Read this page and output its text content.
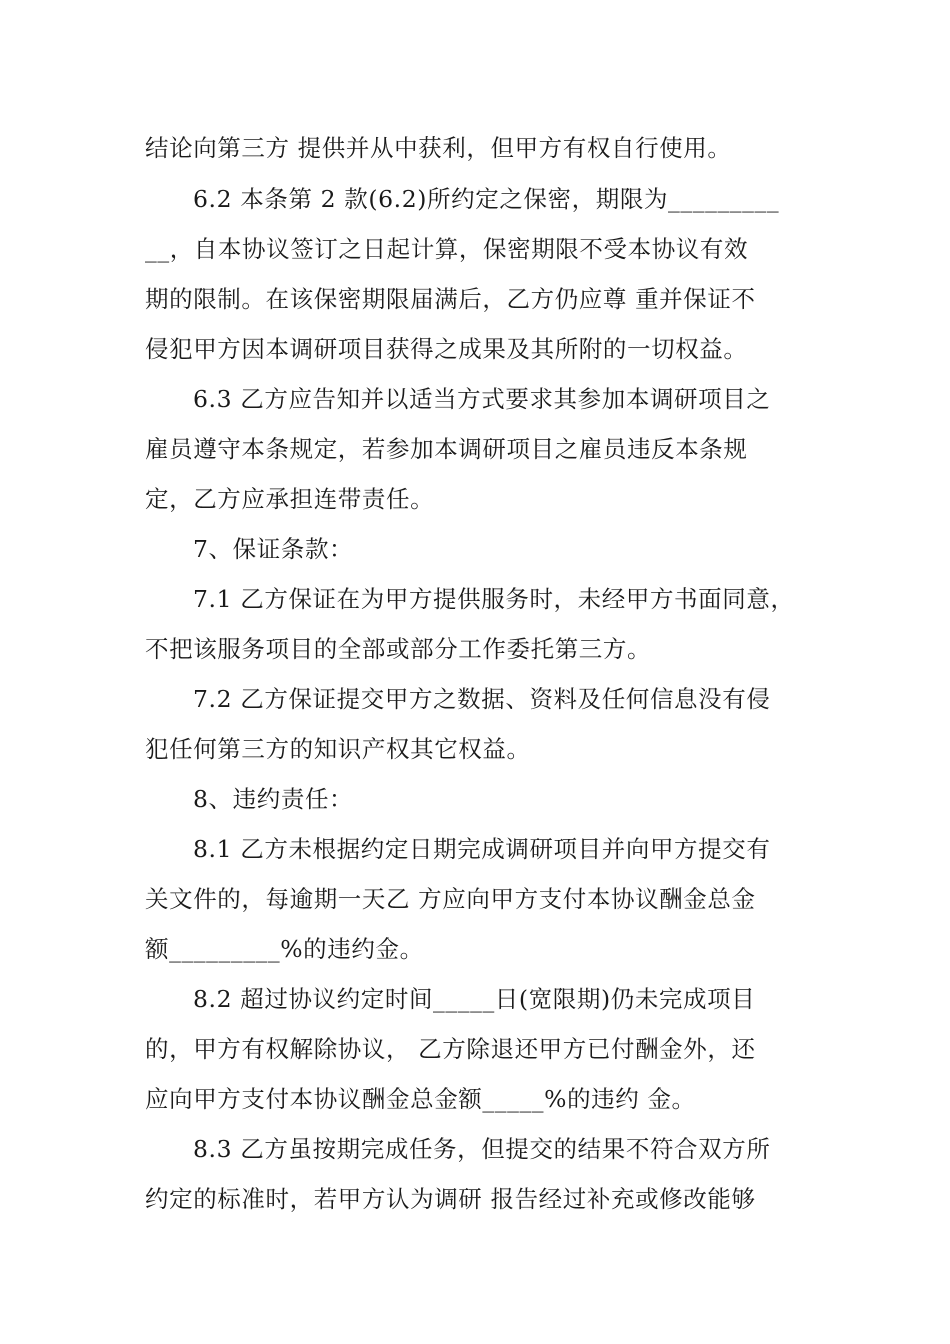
结论向第三方 提供并从中获利，但甲方有权自行使用。
6.2 本条第 2 款(6.2)所约定之保密，期限为_________
__，自本协议签订之日起计算，保密期限不受本协议有效
期的限制。在该保密期限届满后，乙方仍应尊 重并保证不
侵犯甲方因本调研项目获得之成果及其所附的一切权益。
6.3 乙方应告知并以适当方式要求其参加本调研项目之
雇员遵守本条规定，若参加本调研项目之雇员违反本条规
定，乙方应承担连带责任。
7、保证条款：
7.1 乙方保证在为甲方提供服务时，未经甲方书面同意，
不把该服务项目的全部或部分工作委托第三方。
7.2 乙方保证提交甲方之数据、资料及任何信息没有侵
犯任何第三方的知识产权其它权益。
8、违约责任：
8.1 乙方未根据约定日期完成调研项目并向甲方提交有
关文件的，每逾期一天乙 方应向甲方支付本协议酬金总金
额_________%的违约金。
8.2 超过协议约定时间_____日(宽限期)仍未完成项目
的，甲方有权解除协议， 乙方除退还甲方已付酬金外，还
应向甲方支付本协议酬金总金额_____%的违约 金。
8.3 乙方虽按期完成任务，但提交的结果不符合双方所
约定的标准时，若甲方认为调研 报告经过补充或修改能够
